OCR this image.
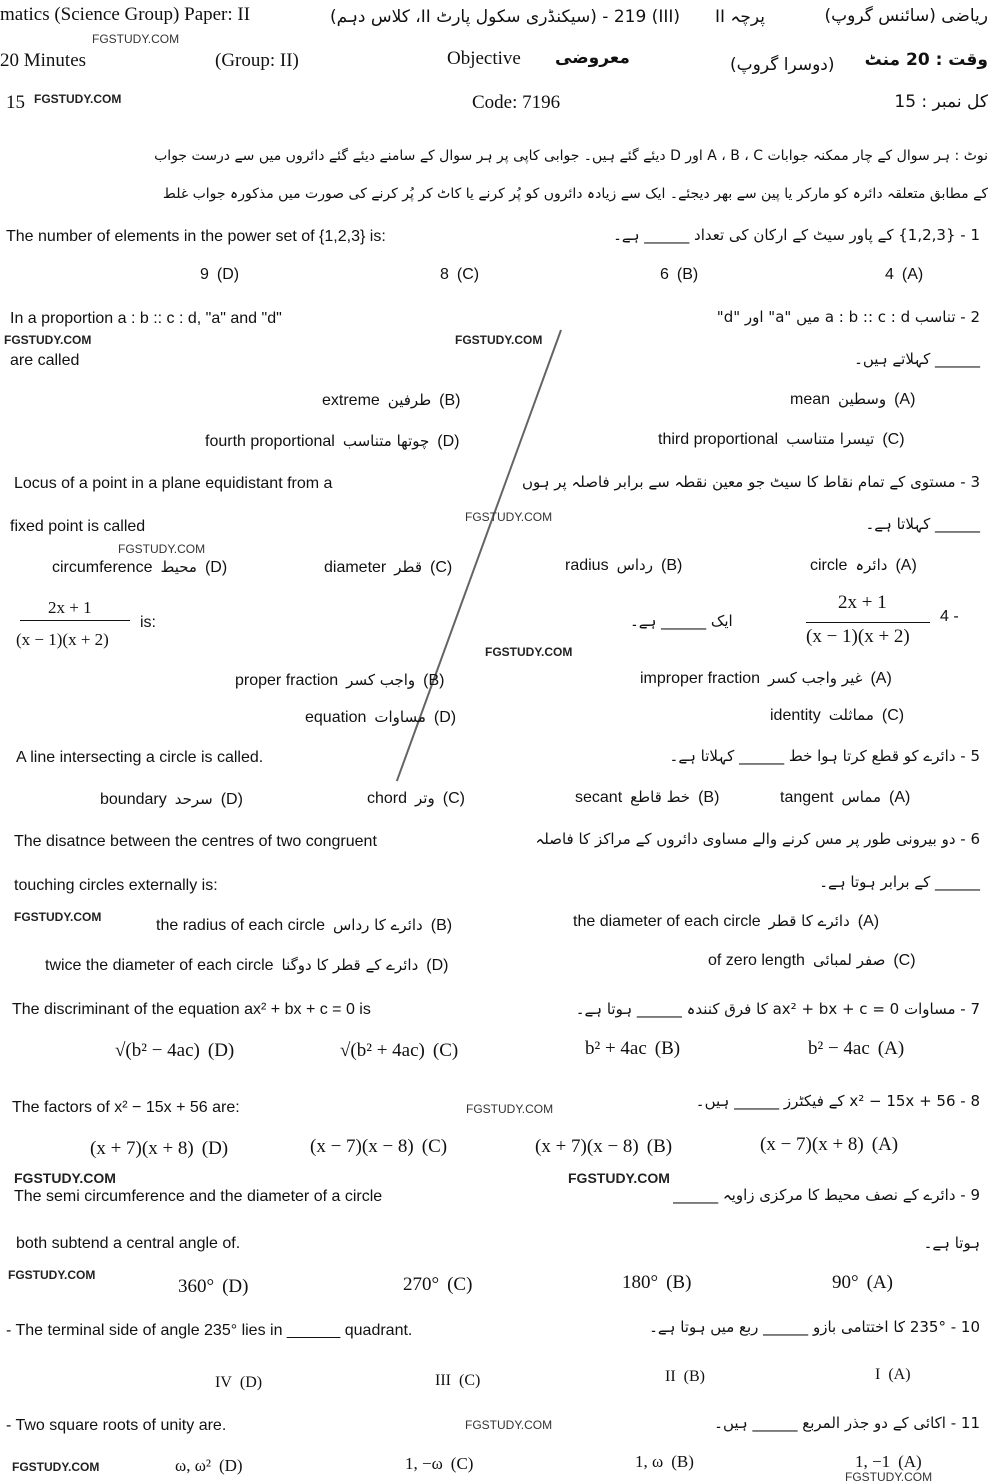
matics (Science Group) Paper: II	(III) 219 - (سیکنڈری سکول پارٹ II، کلاس دہم) پرچہ II	ریاضی (سائنس گروپ)
FGSTUDY.COM
20 Minutes	(Group: II)	Objective معروضی	(دوسرا گروپ) وقت : 20 منٹ
15 FGSTUDY.COM	Code: 7196	کل نمبر : 15
نوٹ : ہر سوال کے چار ممکنہ جوابات A ، B ، C اور D دیئے گئے ہیں۔ جوابی کاپی پر ہر سوال کے سامنے دیئے گئے دائروں میں سے درست جواب
کے مطابق متعلقہ دائرہ کو مارکر یا پین سے بھر دیجئے۔ ایک سے زیادہ دائروں کو پُر کرنے یا کاٹ کر پُر کرنے کی صورت میں مذکورہ جواب غلط
The number of elements in the power set of {1,2,3} is:	1 - {1,2,3} کے پاور سیٹ کے ارکان کی تعداد ______ ہے۔
9 (D)	8 (C)	6 (B)	4 (A)
In a proportion a : b :: c : d, "a" and "d"
FGSTUDY.COM	FGSTUDY.COM
are called
2 - تناسب a : b :: c : d میں "a" اور "d"
______ کہلاتے ہیں۔
extreme طرفین (B)	mean وسطین (A)
fourth proportional چوتھا متناسب (D)	third proportional تیسرا متناسب (C)
Locus of a point in a plane equidistant from a
fixed point is called
3 - مستوی کے تمام نقاط کا سیٹ جو معین نقطہ سے برابر فاصلہ پر ہوں
______ کہلاتا ہے۔
FGSTUDY.COM
FGSTUDY.COM
circumference محیط (D)	diameter قطر (C)	radius رداس (B)	circle دائرہ (A)
2x + 1
(x − 1)(x + 2)
is:	ایک ______ ہے۔
2x + 1
(x − 1)(x + 2)
4 -
FGSTUDY.COM
proper fraction واجب کسر (B)	improper fraction غیر واجب کسر (A)
equation مساوات (D)	identity مماثلت (C)
A line intersecting a circle is called.	5 - دائرے کو قطع کرتا ہوا خط ______ کہلاتا ہے۔
boundary سرحد (D)	chord وتر (C)	secant خط قاطع (B)	tangent مماس (A)
The disatnce between the centres of two congruent
touching circles externally is:
6 - دو بیرونی طور پر مس کرنے والے مساوی دائروں کے مراکز کا فاصلہ
______ کے برابر ہوتا ہے۔
FGSTUDY.COM	the radius of each circle دائرے کا رداس (B)	the diameter of each circle دائرے کا قطر (A)
twice the diameter of each circle دائرے کے قطر کا دوگنا (D)	of zero length صفر لمبائی (C)
The discriminant of the equation ax² + bx + c = 0 is	7 - مساوات ax² + bx + c = 0 کا فرق کنندہ ______ ہوتا ہے۔
√(b² − 4ac) (D)	√(b² + 4ac) (C)	b² + 4ac (B)	b² − 4ac (A)
The factors of x² − 15x + 56 are:	FGSTUDY.COM	8 - x² − 15x + 56 کے فیکٹرز ______ ہیں۔
(x + 7)(x + 8) (D)	(x − 7)(x − 8) (C)	(x + 7)(x − 8) (B)	(x − 7)(x + 8) (A)
FGSTUDY.COM	FGSTUDY.COM
The semi circumference and the diameter of a circle
both subtend a central angle of.
9 - دائرے کے نصف محیط کا مرکزی زاویہ ______
ہوتا ہے۔
FGSTUDY.COM
360° (D)	270° (C)	180° (B)	90° (A)
- The terminal side of angle 235° lies in ______ quadrant.	10 - 235° کا اختتامی بازو ______ ربع میں ہوتا ہے۔
IV (D)	III (C)	II (B)	I (A)
- Two square roots of unity are.	FGSTUDY.COM	11 - اکائی کے دو جذر المربع ______ ہیں۔
FGSTUDY.COM	ω, ω² (D)	1, −ω (C)	1, ω (B)	1, −1 (A)
FGSTUDY.COM
